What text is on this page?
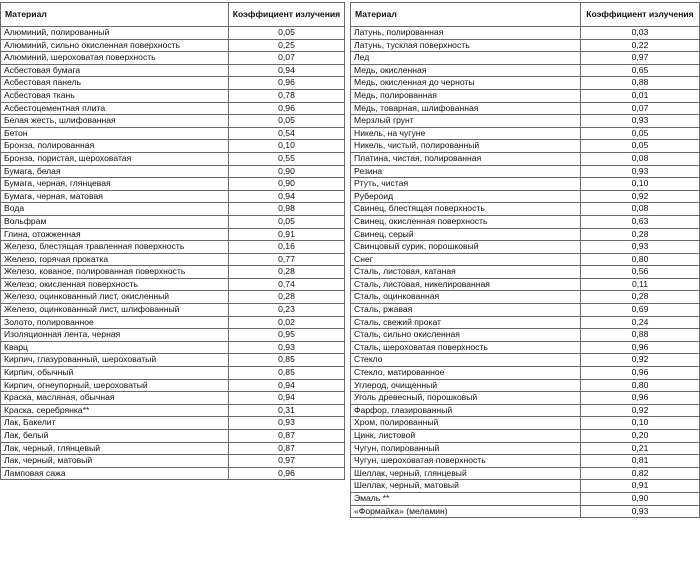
Материал	Коэффициент излучения
Алюминий, полированный	0,05
Алюминий, сильно окисленная поверхность	0,25
Алюминий, шероховатая поверхность	0,07
Асбестовая бумага	0,94
Асбестовая панель	0,96
Асбестовая ткань	0,78
Асбестоцементная плита	0,96
Белая жесть, шлифованная	0,05
Бетон	0,54
Бронза, полированная	0,10
Бронза, пористая, шероховатая	0,55
Бумага, белая	0,90
Бумага, черная, глянцевая	0,90
Бумага, черная, матовая	0,94
Вода	0,98
Вольфрам	0,05
Глина, отожженная	0,91
Железо, блестящая травленная поверхность	0,16
Железо, горячая прокатка	0,77
Железо, кованое, полированная поверхность	0,28
Железо, окисленная поверхность	0,74
Железо, оцинкованный лист, окисленный	0,28
Железо, оцинкованный лист, шлифованный	0,23
Золото, полированное	0,02
Изоляционная лента, черная	0,95
Кварц	0,93
Кирпич, глазурованный, шероховатый	0,85
Кирпич, обычный	0,85
Кирпич, огнеупорный, шероховатый	0,94
Краска, масляная, обычная	0,94
Краска, серебрянка**	0,31
Лак, Бакелит	0,93
Лак, белый	0,87
Лак, черный, глянцевый	0,87
Лак, черный, матовый	0,97
Ламповая сажа	0,96
Материал	Коэффициент излучения
Латунь, полированная	0,03
Латунь, тусклая поверхность	0,22
Лед	0,97
Медь, окисленная	0,65
Медь, окисленная до черноты	0,88
Медь, полированная	0,01
Медь, товарная, шлифованная	0,07
Мерзлый грунт	0,93
Никель, на чугуне	0,05
Никель, чистый, полированный	0,05
Платина, чистая, полированная	0,08
Резина	0,93
Ртуть, чистая	0,10
Рубероид	0,92
Свинец, блестящая поверхность	0,08
Свинец, окисленная поверхность	0,63
Свинец, серый	0,28
Свинцовый сурик, порошковый	0,93
Снег	0,80
Сталь, листовая, катаная	0,56
Сталь, листовая, никелированная	0,11
Сталь, оцинкованная	0,28
Сталь, ржавая	0,69
Сталь, свежий прокат	0,24
Сталь, сильно окисленная	0,88
Сталь, шероховатая поверхность	0,96
Стекло	0,92
Стекло, матированное	0,96
Углерод, очищенный	0,80
Уголь древесный, порошковый	0,96
Фарфор, глазированный	0,92
Хром, полированный	0,10
Цинк, листовой	0,20
Чугун, полированный	0,21
Чугун, шероховатая поверхность	0,81
Шеллак, черный, глянцевый	0,82
Шеллак, черный, матовый	0,91
Эмаль **	0,90
«Формайка» (меламин)	0,93
